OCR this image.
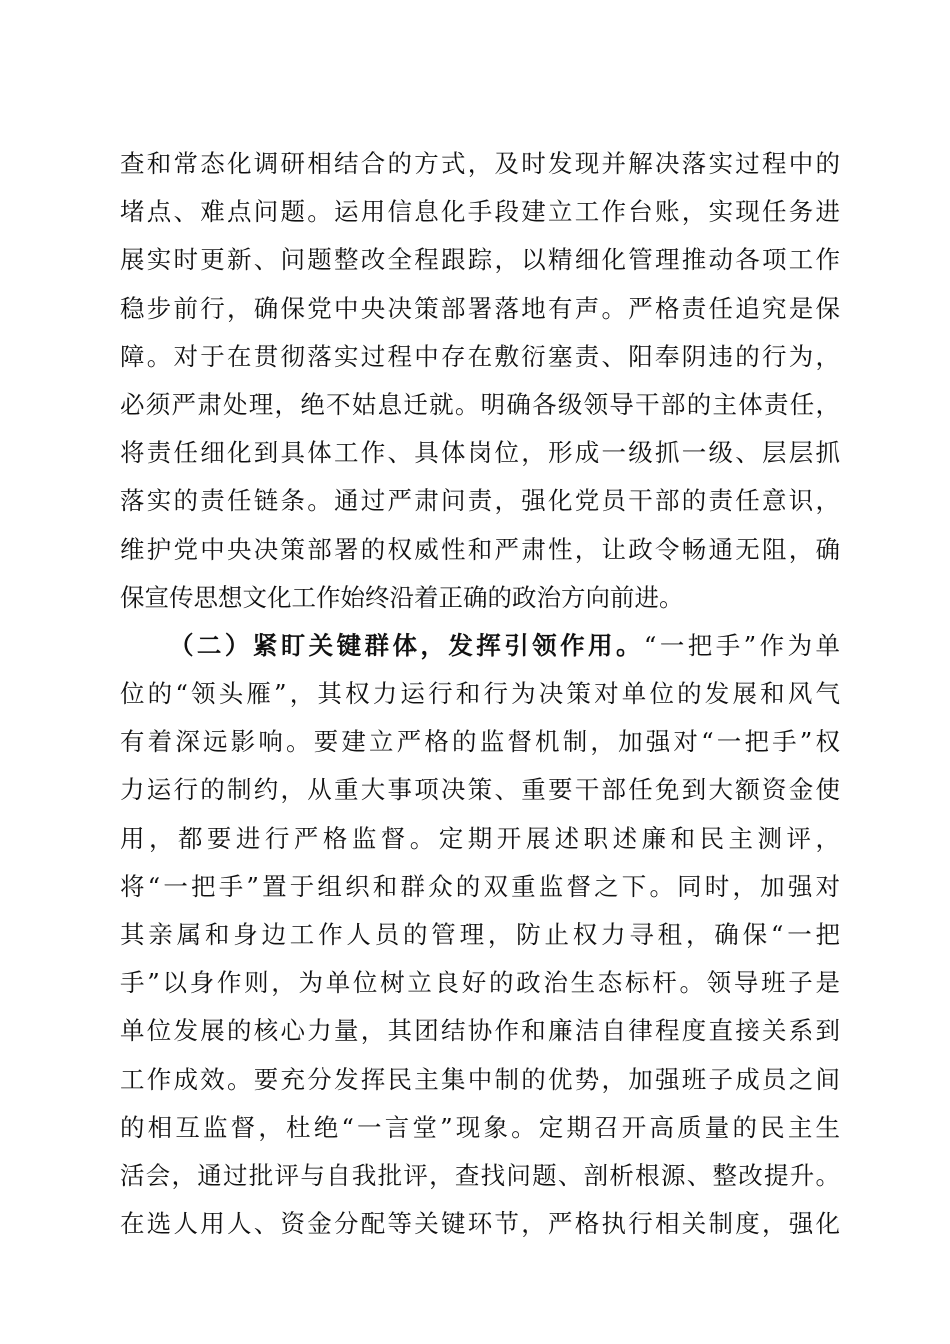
查和常态化调研相结合的方式，及时发现并解决落实过程中的
堵点、难点问题。运用信息化手段建立工作台账，实现任务进
展实时更新、问题整改全程跟踪，以精细化管理推动各项工作
稳步前行，确保党中央决策部署落地有声。严格责任追究是保
障。对于在贯彻落实过程中存在敷衍塞责、阳奉阴违的行为，
必须严肃处理，绝不姑息迁就。明确各级领导干部的主体责任，
将责任细化到具体工作、具体岗位，形成一级抓一级、层层抓
落实的责任链条。通过严肃问责，强化党员干部的责任意识，
维护党中央决策部署的权威性和严肃性，让政令畅通无阻，确
保宣传思想文化工作始终沿着正确的政治方向前进。
（二）紧盯关键群体，发挥引领作用。“一把手”作为单
位的“领头雁”，其权力运行和行为决策对单位的发展和风气
有着深远影响。要建立严格的监督机制，加强对“一把手”权
力运行的制约，从重大事项决策、重要干部任免到大额资金使
用，都要进行严格监督。定期开展述职述廉和民主测评，
将“一把手”置于组织和群众的双重监督之下。同时，加强对
其亲属和身边工作人员的管理，防止权力寻租，确保“一把
手”以身作则，为单位树立良好的政治生态标杆。领导班子是
单位发展的核心力量，其团结协作和廉洁自律程度直接关系到
工作成效。要充分发挥民主集中制的优势，加强班子成员之间
的相互监督，杜绝“一言堂”现象。定期召开高质量的民主生
活会，通过批评与自我批评，查找问题、剖析根源、整改提升。
在选人用人、资金分配等关键环节，严格执行相关制度，强化
